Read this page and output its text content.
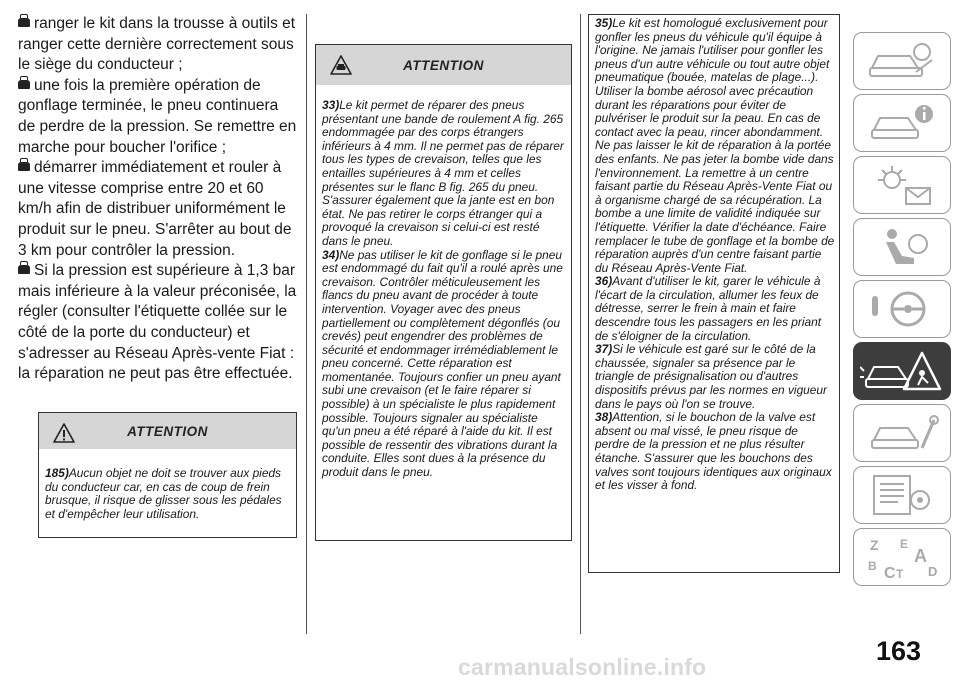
ranger le kit dans la trousse à outils et ranger cette dernière correctement sous le siège du conducteur ;

une fois la première opération de gonflage terminée, le pneu continuera de perdre de la pression. Se remettre en marche pour boucher l'orifice ;

démarrer immédiatement et rouler à une vitesse comprise entre 20 et 60 km/h afin de distribuer uniformément le produit sur le pneu. S'arrêter au bout de 3 km pour contrôler la pression.

Si la pression est supérieure à 1,3 bar mais inférieure à la valeur préconisée, la régler (consulter l'étiquette collée sur le côté de la porte du conducteur) et s'adresser au Réseau Après-vente Fiat : la réparation ne peut pas être effectuée.

ATTENTION

185)Aucun objet ne doit se trouver aux pieds du conducteur car, en cas de coup de frein brusque, il risque de glisser sous les pédales et d'empêcher leur utilisation.

ATTENTION

33)Le kit permet de réparer des pneus présentant une bande de roulement A fig. 265 endommagée par des corps étrangers inférieurs à 4 mm. Il ne permet pas de réparer tous les types de crevaison, telles que les entailles supérieures à 4 mm et celles présentes sur le flanc B fig. 265 du pneu. S'assurer également que la jante est en bon état. Ne pas retirer le corps étranger qui a provoqué la crevaison si celui-ci est resté dans le pneu.

34)Ne pas utiliser le kit de gonflage si le pneu est endommagé du fait qu'il a roulé après une crevaison. Contrôler méticuleusement les flancs du pneu avant de procéder à toute intervention. Voyager avec des pneus partiellement ou complètement dégonflés (ou crevés) peut engendrer des problèmes de sécurité et endommager irrémédiablement le pneu concerné. Cette réparation est momentanée. Toujours confier un pneu ayant subi une crevaison (et le faire réparer si possible) à un spécialiste le plus rapidement possible. Toujours signaler au spécialiste qu'un pneu a été réparé à l'aide du kit. Il est possible de ressentir des vibrations durant la conduite. Elles sont dues à la présence du produit dans le pneu.

35)Le kit est homologué exclusivement pour gonfler les pneus du véhicule qu'il équipe à l'origine. Ne jamais l'utiliser pour gonfler les pneus d'un autre véhicule ou tout autre objet pneumatique (bouée, matelas de plage...). Utiliser la bombe aérosol avec précaution durant les réparations pour éviter de pulvériser le produit sur la peau. En cas de contact avec la peau, rincer abondamment. Ne pas laisser le kit de réparation à la portée des enfants. Ne pas jeter la bombe vide dans l'environnement. La remettre à un centre faisant partie du Réseau Après-Vente Fiat ou à organisme chargé de sa récupération. La bombe a une limite de validité indiquée sur l'étiquette. Vérifier la date d'échéance. Faire remplacer le tube de gonflage et la bombe de réparation auprès d'un centre faisant partie du Réseau Après-Vente Fiat.

36)Avant d'utiliser le kit, garer le véhicule à l'écart de la circulation, allumer les feux de détresse, serrer le frein à main et faire descendre tous les passagers en les priant de s'éloigner de la circulation.

37)Si le véhicule est garé sur le côté de la chaussée, signaler sa présence par le triangle de présignalisation ou d'autres dispositifs prévus par les normes en vigueur dans le pays où l'on se trouve.

38)Attention, si le bouchon de la valve est absent ou mal vissé, le pneu risque de perdre de la pression et ne plus résulter étanche. S'assurer que les bouchons des valves sont toujours identiques aux originaux et les visser à fond.

Z E
A
B C T D
163
carmanualsonline.info
